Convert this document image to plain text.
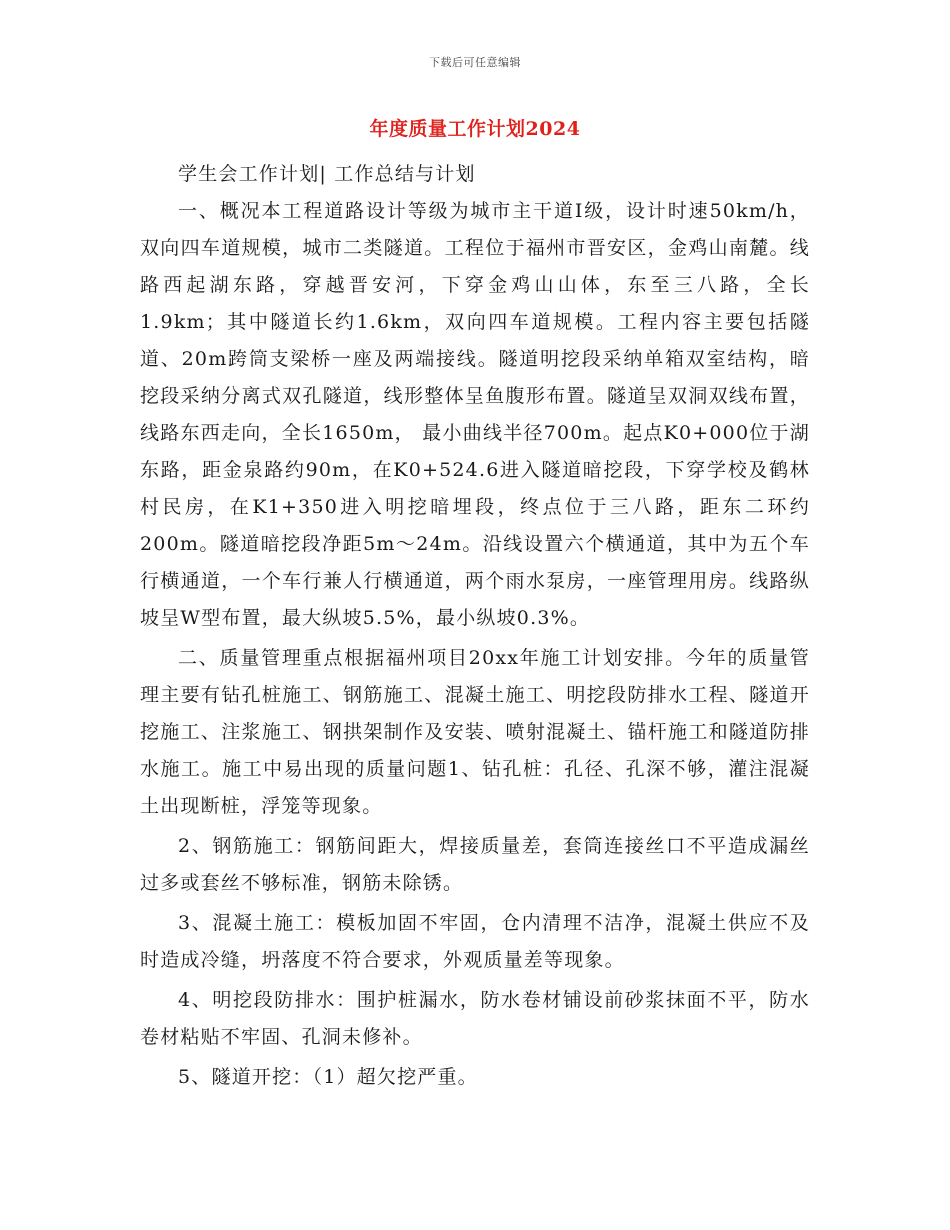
下载后可任意编辑
年度质量工作计划2024

学生会工作计划| 工作总结与计划

一、概况本工程道路设计等级为城市主干道Ⅰ级，设计时速50km/h，双向四车道规模，城市二类隧道。工程位于福州市晋安区，金鸡山南麓。线路西起湖东路，穿越晋安河，下穿金鸡山山体，东至三八路，全长1.9km；其中隧道长约1.6km，双向四车道规模。工程内容主要包括隧道、20m跨筒支梁桥一座及两端接线。隧道明挖段采纳单箱双室结构，暗挖段采纳分离式双孔隧道，线形整体呈鱼腹形布置。隧道呈双洞双线布置，线路东西走向，全长1650m， 最小曲线半径700m。起点K0+000位于湖东路，距金泉路约90m，在K0+524.6进入隧道暗挖段，下穿学校及鹤林村民房，在K1+350进入明挖暗埋段，终点位于三八路，距东二环约200m。隧道暗挖段净距5m～24m。沿线设置六个横通道，其中为五个车行横通道，一个车行兼人行横通道，两个雨水泵房，一座管理用房。线路纵坡呈W型布置，最大纵坡5.5%，最小纵坡0.3%。

二、质量管理重点根据福州项目20xx年施工计划安排。今年的质量管理主要有钻孔桩施工、钢筋施工、混凝土施工、明挖段防排水工程、隧道开挖施工、注浆施工、钢拱架制作及安装、喷射混凝土、锚杆施工和隧道防排水施工。施工中易出现的质量问题1、钻孔桩：孔径、孔深不够，灌注混凝土出现断桩，浮笼等现象。

2、钢筋施工：钢筋间距大，焊接质量差，套筒连接丝口不平造成漏丝过多或套丝不够标准，钢筋未除锈。

3、混凝土施工：模板加固不牢固，仓内清理不洁净，混凝土供应不及时造成冷缝，坍落度不符合要求，外观质量差等现象。

4、明挖段防排水：围护桩漏水，防水卷材铺设前砂浆抹面不平，防水卷材粘贴不牢固、孔洞未修补。

5、隧道开挖：（1）超欠挖严重。
